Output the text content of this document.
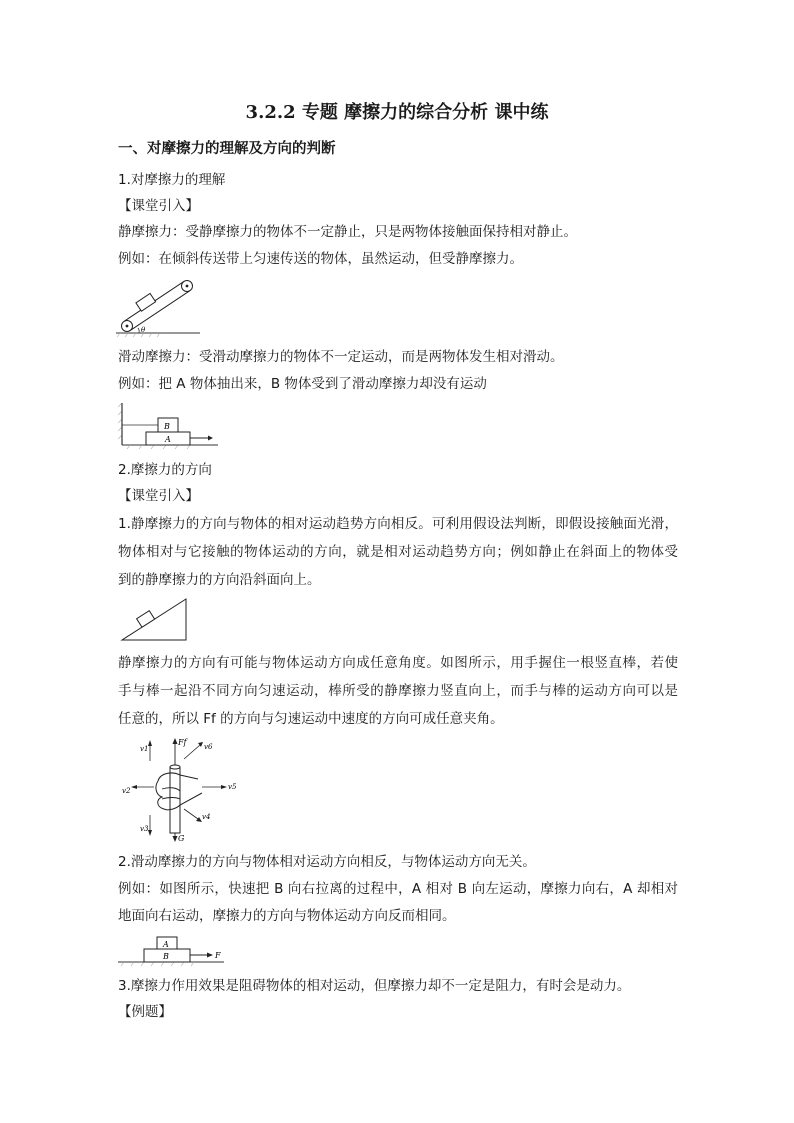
3.2.2 专题 摩擦力的综合分析 课中练
一、对摩擦力的理解及方向的判断
1.对摩擦力的理解
【课堂引入】
静摩擦力：受静摩擦力的物体不一定静止，只是两物体接触面保持相对静止。
例如：在倾斜传送带上匀速传送的物体，虽然运动，但受静摩擦力。
θ
滑动摩擦力：受滑动摩擦力的物体不一定运动，而是两物体发生相对滑动。
例如：把 A 物体抽出来，B 物体受到了滑动摩擦力却没有运动
B
A
2.摩擦力的方向
【课堂引入】
1.静摩擦力的方向与物体的相对运动趋势方向相反。可利用假设法判断，即假设接触面光滑，
物体相对与它接触的物体运动的方向，就是相对运动趋势方向；例如静止在斜面上的物体受
到的静摩擦力的方向沿斜面向上。
静摩擦力的方向有可能与物体运动方向成任意角度。如图所示，用手握住一根竖直棒，若使
手与棒一起沿不同方向匀速运动，棒所受的静摩擦力竖直向上，而手与棒的运动方向可以是
任意的，所以 Ff 的方向与匀速运动中速度的方向可成任意夹角。
Ff
G
v1	v6
v2	v5
v3
v4
2.滑动摩擦力的方向与物体相对运动方向相反，与物体运动方向无关。
例如：如图所示，快速把 B 向右拉离的过程中，A 相对 B 向左运动，摩擦力向右，A 却相对
地面向右运动，摩擦力的方向与物体运动方向反而相同。
A
B	F
3.摩擦力作用效果是阻碍物体的相对运动，但摩擦力却不一定是阻力，有时会是动力。
【例题】
